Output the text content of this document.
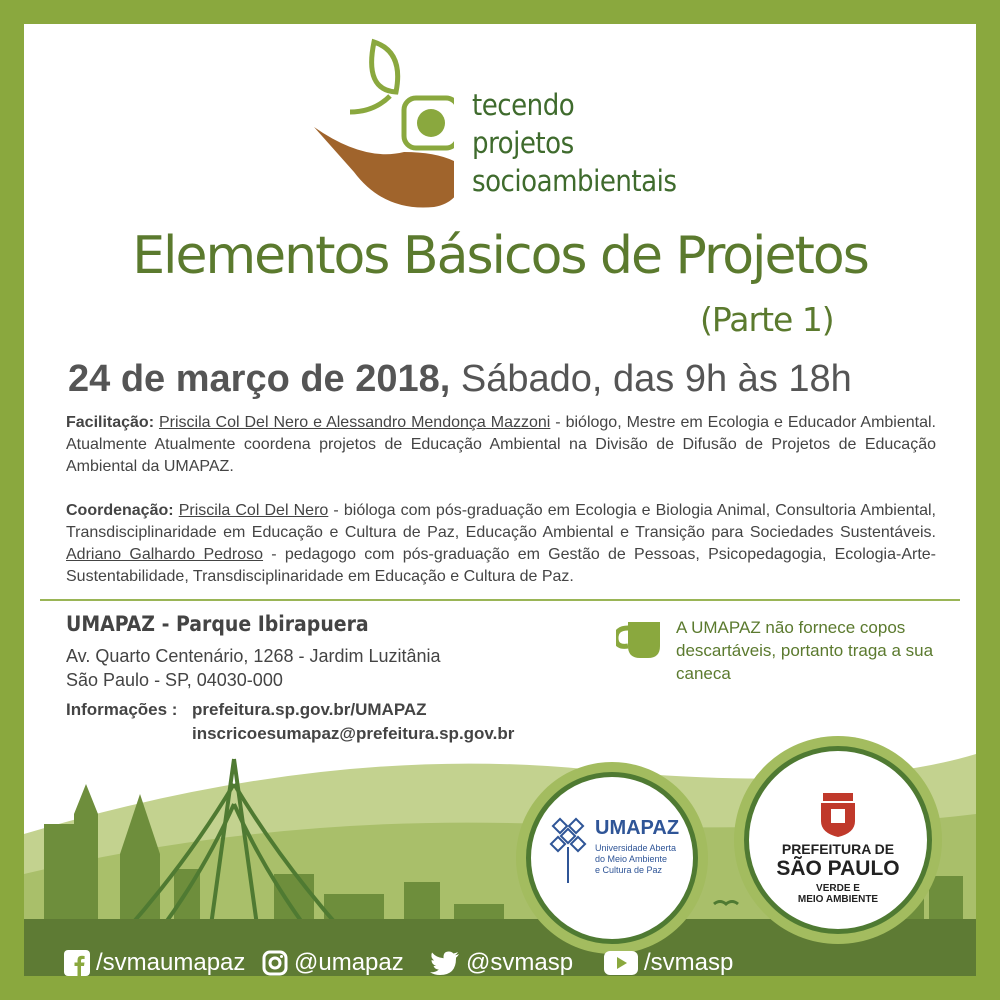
tecendo
projetos
socioambientais
Elementos Básicos de Projetos
(Parte 1)
24 de março de 2018, Sábado, das 9h às 18h

Facilitação: Priscila Col Del Nero e Alessandro Mendonça Mazzoni - biólogo, Mestre em Ecologia e Educador Ambiental. Atualmente Atualmente coordena projetos de Educação Ambiental na Divisão de Difusão de Projetos de Educação Ambiental da UMAPAZ.

Coordenação: Priscila Col Del Nero - bióloga com pós-graduação em Ecologia e Biologia Animal, Consultoria Ambiental, Transdisciplinaridade em Educação e Cultura de Paz, Educação Ambiental e Transição para Sociedades Sustentáveis. Adriano Galhardo Pedroso - pedagogo com pós-graduação em Gestão de Pessoas, Psicopedagogia, Ecologia-Arte-Sustentabilidade, Transdisciplinaridade em Educação e Cultura de Paz.

UMAPAZ - Parque Ibirapuera
Av. Quarto Centenário, 1268 - Jardim Luzitânia
São Paulo - SP, 04030-000
Informações : prefeitura.sp.gov.br/UMAPAZ
inscricoesumapaz@prefeitura.sp.gov.br
A UMAPAZ não fornece copos descartáveis, portanto traga a sua caneca
UMAPAZ
Universidade Aberta
do Meio Ambiente
e Cultura de Paz
PREFEITURA DE
SÃO PAULO
VERDE E
MEIO AMBIENTE
/svmaumapaz @umapaz	@svmasp	/svmasp
